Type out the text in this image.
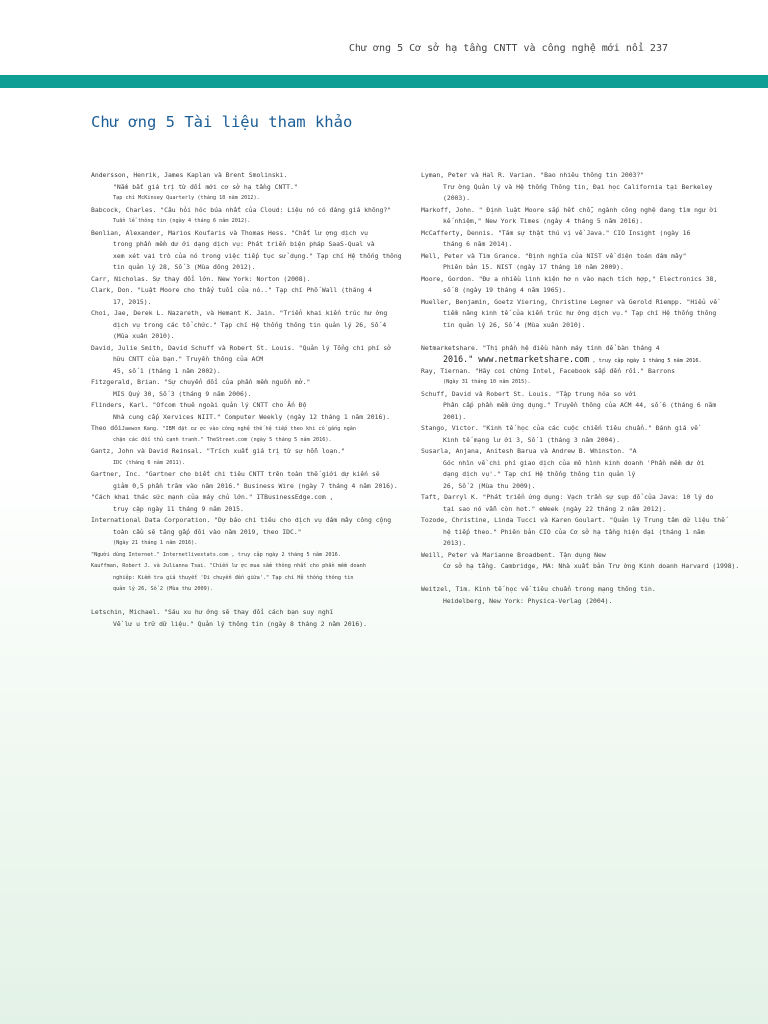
Chư ơng 5 Cơ sở hạ tầng CNTT và công nghệ mới nổi 237
Chư ơng 5 Tài liệu tham khảo
Andersson, Henrik, James Kaplan và Brent Smolinski.
"Nắm bắt giá trị từ đổi mới cơ sở hạ tầng CNTT."
Tạp chí McKinsey Quarterly (tháng 10 năm 2012).
Babcock, Charles. "Câu hỏi hóc búa nhất của Cloud: Liệu nó có đáng giá không?"
Tuần lễ thông tin (ngày 4 tháng 6 năm 2012).
Benlian, Alexander, Marios Koufaris và Thomas Hess. "Chất lư ợng dịch vụ
trong phần mềm dư ới dạng dịch vụ: Phát triển biện pháp SaaS-Qual và
xem xét vai trò của nó trong việc tiếp tục sử dụng." Tạp chí Hệ thống thông
tin quản lý 28, Số 3 (Mùa đông 2012).
Carr, Nicholas. Sự thay đổi lớn. New York: Norton (2008).
Clark, Don. "Luật Moore cho thấy tuổi của nó.." Tạp chí Phố Wall (tháng 4
17, 2015).
Choi, Jae, Derek L. Nazareth, và Hemant K. Jain. "Triển khai kiến trúc hư ớng
dịch vụ trong các tổ chức." Tạp chí Hệ thống thông tin quản lý 26, Số 4
(Mùa xuân 2010).
David, Julie Smith, David Schuff và Robert St. Louis. "Quản lý Tổng chi phí sở
hữu CNTT của bạn." Truyền thông của ACM
45, số 1 (tháng 1 năm 2002).
Fitzgerald, Brian. "Sự chuyển đổi của phần mềm nguồn mở."
MIS Quý 30, Số 3 (tháng 9 năm 2006).
Flinders, Karl. "Ofcom thuê ngoài quản lý CNTT cho Ấn Độ
Nhà cung cấp Xervices NIIT." Computer Weekly (ngày 12 tháng 1 năm 2016).
Theo dõiJaewon Kang. "IBM đặt cư ợc vào công nghệ thế hệ tiếp theo khi cố gắng ngăn
chặn các đối thủ cạnh tranh." TheStreet.com (ngày 5 tháng 5 năm 2016).
Gantz, John và David Reinsal. "Trích xuất giá trị từ sự hỗn loạn."
IDC (tháng 6 năm 2011).
Gartner, Inc. "Gartner cho biết chi tiêu CNTT trên toàn thế giới dự kiến sẽ
giảm 0,5 phần trăm vào năm 2016." Business Wire (ngày 7 tháng 4 năm 2016).
"Cách khai thác sức mạnh của máy chủ lớn." ITBusinessEdge.com ,
truy cập ngày 11 tháng 9 năm 2015.
International Data Corporation. "Dự báo chi tiêu cho dịch vụ đám mây công cộng
toàn cầu sẽ tăng gấp đôi vào năm 2019, theo IDC."
(Ngày 21 tháng 1 năm 2016).
"Người dùng Internet." Internetlivestats.com , truy cập ngày 2 tháng 5 năm 2016.
Kauffman, Robert J. và Julianna Tsai. "Chiến lư ợc mua sắm thông nhất cho phần mềm doanh
nghiệp: Kiểm tra giả thuyết 'Di chuyển đến giữa'." Tạp chí Hệ thống thông tin
quản lý 26, Số 2 (Mùa thu 2009).
Letschin, Michael. "Sáu xu hư ớng sẽ thay đổi cách bạn suy nghĩ
Về lư u trữ dữ liệu." Quản lý thông tin (ngày 8 tháng 2 năm 2016).
Lyman, Peter và Hal R. Varian. "Bao nhiêu thông tin 2003?"
Trư ờng Quản lý và Hệ thống Thông tin, Đại học California tại Berkeley
(2003).
Markoff, John. " Định luật Moore sắp hết chỗ, ngành công nghệ đang tìm ngư ời
kế nhiệm," New York Times (ngày 4 tháng 5 năm 2016).
McCafferty, Dennis. "Tám sự thật thú vị về Java." CIO Insight (ngày 16
tháng 6 năm 2014).
Mell, Peter và Tim Grance. "Định nghĩa của NIST về điện toán đám mây"
Phiên bản 15. NIST (ngày 17 tháng 10 năm 2009).
Moore, Gordon. "Đư a nhiều linh kiện hơ n vào mạch tích hợp," Electronics 38,
số 8 (ngày 19 tháng 4 năm 1965).
Mueller, Benjamin, Goetz Viering, Christine Legner và Gerold Riempp. "Hiểu về
tiềm năng kinh tế của kiến trúc hư ớng dịch vụ." Tạp chí Hệ thống thông
tin quản lý 26, Số 4 (Mùa xuân 2010).
Netmarketshare. "Thị phần hệ điều hành máy tính để bàn tháng 4
2016." www.netmarketshare.com , truy cập ngày 1 tháng 5 năm 2016.
Ray, Tiernan. "Hãy coi chừng Intel, Facebook sắp đến rồi." Barrons
(Ngày 31 tháng 10 năm 2015).
Schuff, David và Robert St. Louis. "Tập trung hóa so với
Phân cấp phần mềm ứng dụng." Truyền thông của ACM 44, số 6 (tháng 6 năm
2001).
Stango, Victor. "Kinh tế học của các cuộc chiến tiêu chuẩn." Đánh giá về
Kinh tế mạng lư ới 3, Số 1 (tháng 3 năm 2004).
Susarla, Anjana, Anitesh Barua và Andrew B. Whinston. "A
Góc nhìn về chi phí giao dịch của mô hình kinh doanh 'Phần mềm dư ới
dạng dịch vụ'." Tạp chí Hệ thống thông tin quản lý
26, Số 2 (Mùa thu 2009).
Taft, Darryl K. "Phát triển ứng dụng: Vạch trần sự sụp đổ của Java: 10 lý do
tại sao nó vẫn còn hot." eWeek (ngày 22 tháng 2 năm 2012).
Tozode, Christine, Linda Tucci và Karen Goulart. "Quản lý Trung tâm dữ liệu thế
hệ tiếp theo." Phiên bản CIO của Cơ sở hạ tầng hiện đại (tháng 1 năm
2013).
Weill, Peter và Marianne Broadbent. Tận dụng New
Cơ sở hạ tầng. Cambridge, MA: Nhà xuất bản Trư ờng Kinh doanh Harvard (1998).
Weitzel, Tim. Kinh tế học về tiêu chuẩn trong mạng thông tin.
Heidelberg, New York: Physica-Verlag (2004).
